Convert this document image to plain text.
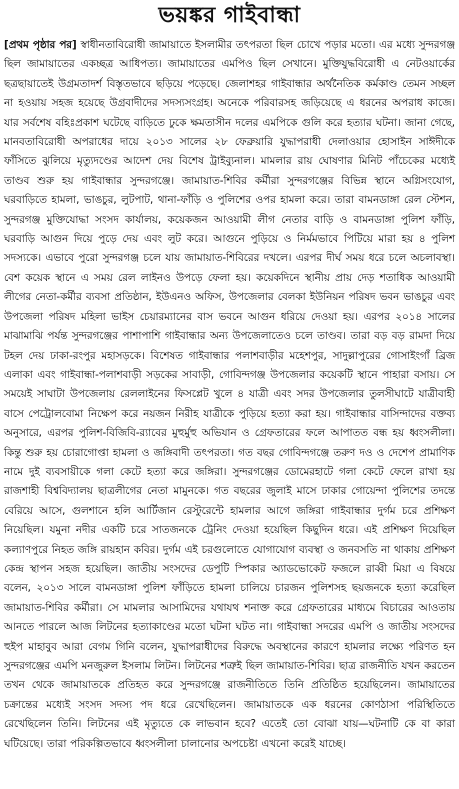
ভয়ঙ্কর গাইবান্ধা
[প্রথম পৃষ্ঠার পর] স্বাধীনতাবিরোধী জামায়াতে ইসলামীর তৎপরতা ছিল চোখে পড়ার মতো। এর মধ্যে সুন্দরগঞ্জ ছিল জামায়াতের একচ্ছত্র আধিপত্য। জামায়াতের এমপিও ছিল সেখানে। মুক্তিযুদ্ধবিরোধী এ নেটওয়ার্কের ছত্রছায়াতেই উগ্রমতাদর্শ বিস্তৃতভাবে ছড়িয়ে পড়েছে। জেলাশহর গাইবান্ধার অর্থনৈতিক কর্মকাণ্ড তেমন সচ্ছল না হওয়ায় সহজ হয়েছে উগ্রবাদীদের সদস্যসংগ্রহ। অনেকে পরিবারসহ জড়িয়েছে এ ধরনের অপরাধ কাজে। যার সর্বশেষ বহিঃপ্রকাশ ঘটেছে বাড়িতে ঢুকে ক্ষমতাসীন দলের এমপিকে গুলি করে হত্যার ঘটনা। জানা গেছে, মানবতাবিরোধী অপরাধের দায়ে ২০১৩ সালের ২৮ ফেব্রুয়ারি যুদ্ধাপরাধী দেলাওয়ার হোসাইন সাঈদীকে ফাঁসিতে ঝুলিয়ে মৃত্যুদণ্ডের আদেশ দেয় বিশেষ ট্রাইব্যুনাল। মামলার রায় ঘোষণার মিনিট পাঁচেকের মধ্যেই তাণ্ডব শুরু হয় গাইবান্ধার সুন্দরগঞ্জে। জামায়াত-শিবির কর্মীরা সুন্দরগঞ্জের বিভিন্ন স্থানে অগ্নিসংযোগ, ঘরবাড়িতে হামলা, ভাঙচুর, লুটপাট, থানা-ফাঁড়ি ও পুলিশের ওপর হামলা করে। তারা বামনডাঙ্গা রেল স্টেশন, সুন্দরগঞ্জ মুক্তিযোদ্ধা সংসদ কার্যালয়, কয়েকজন আওয়ামী লীগ নেতার বাড়ি ও বামনডাঙ্গা পুলিশ ফাঁড়ি, ঘরবাড়ি আগুন দিয়ে পুড়ে দেয় এবং লুট করে। আগুনে পুড়িয়ে ও নির্মমভাবে পিটিয়ে মারা হয় ৪ পুলিশ সদস্যকে। এভাবে পুরো সুন্দরগঞ্জ চলে যায় জামায়াত-শিবিরের দখলে। এরপর দীর্ঘ সময় ধরে চলে অচলাবস্থা। বেশ কয়েক স্থানে এ সময় রেল লাইনও উপড়ে ফেলা হয়। কয়েকদিনে স্থানীয় প্রায় দেড় শতাধিক আওয়ামী লীগের নেতা-কর্মীর ব্যবসা প্রতিষ্ঠান, ইউএনও অফিস, উপজেলার বেলকা ইউনিয়ন পরিষদ ভবন ভাঙচুর এবং উপজেলা পরিষদ মহিলা ভাইস চেয়ারম্যানের বাস ভবনে আগুন ধরিয়ে দেওয়া হয়। এরপর ২০১৪ সালের মাঝামাঝি পর্যন্ত সুন্দরগঞ্জের পাশাপাশি গাইবান্ধার অন্য উপজেলাতেও চলে তাণ্ডব। তারা বড় বড় রামদা দিয়ে টহল দেয় ঢাকা-রংপুর মহাসড়কে। বিশেষত গাইবান্ধার পলাশবাড়ীর মহেশপুর, সাদুল্লাপুরের গোসাইংগাঁ ব্রিজ এলাকা এবং গাইবান্ধা-পলাশবাড়ী সড়কের সাবাড়ী, গোবিন্দগঞ্জ উপজেলার কয়েকটি স্থানে পাহারা বসায়। সে সময়েই সাঘাটা উপজেলায় রেললাইনের ফিসপ্লেট খুলে ৪ যাত্রী এবং সদর উপজেলার তুলসীঘাটে যাত্রীবাহী বাসে পেট্রোলবোমা নিক্ষেপ করে নয়জন নিরীহ যাত্রীকে পুড়িয়ে হত্যা করা হয়। গাইবান্ধার বাসিন্দাদের বক্তব্য অনুসারে, এরপর পুলিশ-বিজিবি-র‍্যাবের মুহুর্মুহু অভিযান ও গ্রেফতারের ফলে আপাতত বন্ধ হয় ধ্বংসলীলা। কিন্তু শুরু হয় চোরাগোপ্তা হামলা ও জঙ্গিবাদী তৎপরতা। গত বছর গোবিন্দগঞ্জে তরুণ দও ও দেশেপ প্রামাণিক নামে দুই ব্যবসায়ীকে গলা কেটে হত্যা করে জঙ্গিরা। সুন্দরগঞ্জের ডোমেরহাটে গলা কেটে ফেলে রাখা হয় রাজশাহী বিশ্ববিদ্যালয় ছাত্রলীগের নেতা মামুনকে। গত বছরের জুলাই মাসে ঢাকার গোয়েন্দা পুলিশের তদন্তে বেরিয়ে আসে, গুলশানে হলি আর্টিজান রেস্টুরেন্টে হামলার আগে জঙ্গিরা গাইবান্ধার দুর্গম চরে প্রশিক্ষণ নিয়েছিল। যমুনা নদীর একটি চরে সাতজনকে ট্রেনিং দেওয়া হয়েছিল কিছুদিন ধরে। এই প্রশিক্ষণ দিয়েছিল কল্যাণপুরে নিহত জঙ্গি রায়হান কবির। দুর্গম এই চরগুলোতে যোগাযোগ ব্যবস্থা ও জনবসতি না থাকায় প্রশিক্ষণ কেন্দ্র স্থাপন সহজ হয়েছিল। জাতীয় সংসদের ডেপুটি স্পিকার অ্যাডভোকেট ফজলে রাব্বী মিয়া এ বিষয়ে বলেন, ২০১৩ সালে বামনডাঙ্গা পুলিশ ফাঁড়িতে হামলা চালিয়ে চারজন পুলিশসহ ছয়জনকে হত্যা করেছিল জামায়াত-শিবির কর্মীরা। সে মামলার আসামিদের যথাযথ শনাক্ত করে গ্রেফতারের মাধ্যমে বিচারের আওতায় আনতে পারলে আজ লিটনের হত্যাকাণ্ডের মতো ঘটনা ঘটত না। গাইবান্ধা সদরের এমপি ও জাতীয় সংসদের হুইপ মাহাবুব আরা বেগম গিনি বলেন, যুদ্ধাপরাধীদের বিরুদ্ধে অবস্থানের কারণে হামলার লক্ষ্যে পরিণত হন সুন্দরগঞ্জের এমপি মনজুরুল ইসলাম লিটন। লিটনের শত্রুই ছিল জামায়াত-শিবির। ছাত্র রাজনীতি যখন করতেন তখন থেকে জামায়াতকে প্রতিহত করে সুন্দরগঞ্জে রাজনীতিতে তিনি প্রতিষ্ঠিত হয়েছিলেন। জামায়াতের চক্রান্তের মধ্যেই সংসদ সদস্য পদ ধরে রেখেছিলেন। জামায়াতকে এক ধরনের কোণঠাসা পরিস্থিতিতে রেখেছিলেন তিনি। লিটনের এই মৃত্যুতে কে লাভবান হবে? এতেই তো বোঝা যায়—ঘটনাটি কে বা কারা ঘটিয়েছে। তারা পরিকল্পিতভাবে ধ্বংসলীলা চালানোর অপচেষ্টা এখনো করেই যাচ্ছে।
